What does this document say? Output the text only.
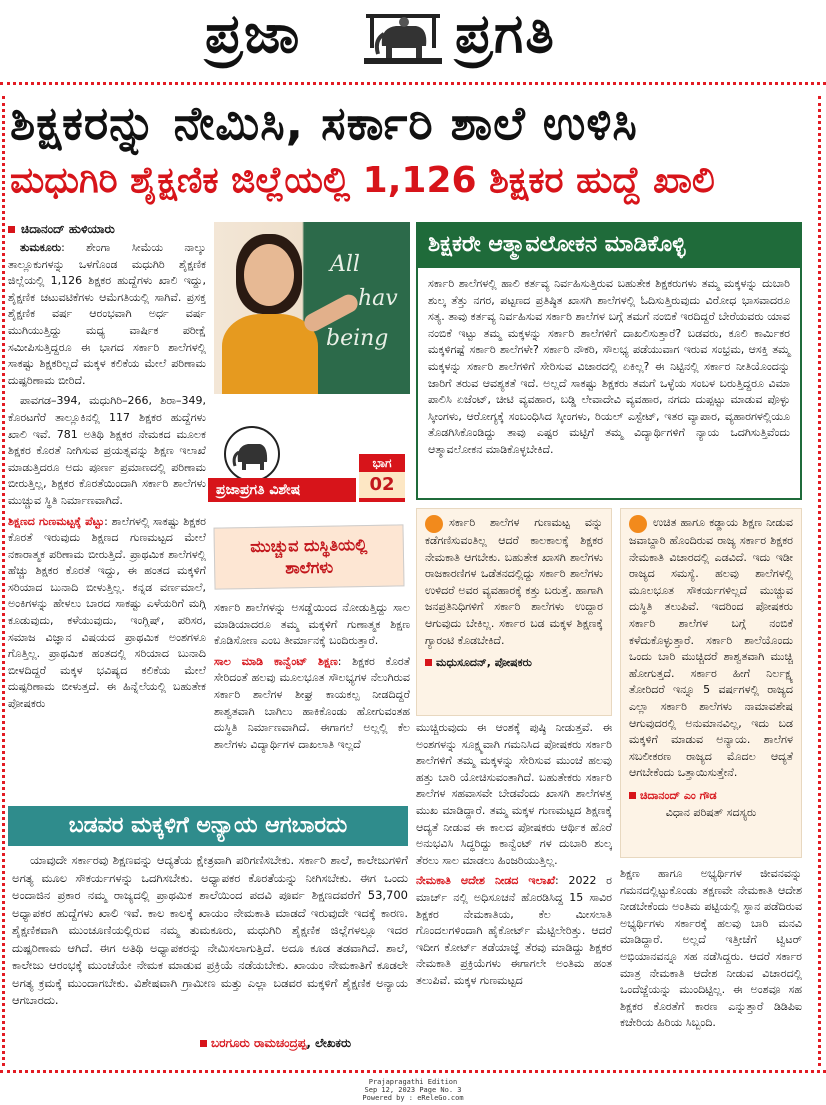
ಪ್ರಜಾ	ಪ್ರಗತಿ
ಶಿಕ್ಷಕರನ್ನು ನೇಮಿಸಿ, ಸರ್ಕಾರಿ ಶಾಲೆ ಉಳಿಸಿ
ಮಧುಗಿರಿ ಶೈಕ್ಷಣಿಕ ಜಿಲ್ಲೆಯಲ್ಲಿ 1,126 ಶಿಕ್ಷಕರ ಹುದ್ದೆ ಖಾಲಿ
ಚಿದಾನಂದ್ ಹುಳಿಯಾರು

ತುಮಕೂರು: ಶೇಂಗಾ ಸೀಮೆಯ ನಾಲ್ಕು ತಾಲ್ಲೂಕುಗಳನ್ನು ಒಳಗೊಂಡ ಮಧುಗಿರಿ ಶೈಕ್ಷಣಿಕ ಜಿಲ್ಲೆಯಲ್ಲಿ 1,126 ಶಿಕ್ಷಕರ ಹುದ್ದೆಗಳು ಖಾಲಿ ಇದ್ದು, ಶೈಕ್ಷಣಿಕ ಚಟುವಟಿಕೆಗಳು ಆಮೆಗತಿಯಲ್ಲಿ ಸಾಗಿವೆ. ಪ್ರಸಕ್ತ ಶೈಕ್ಷಣಿಕ ವರ್ಷ ಆರಂಭವಾಗಿ ಅರ್ಧ ವರ್ಷ ಮುಗಿಯುತ್ತಿದ್ದು ಮಧ್ಯ ವಾರ್ಷಿಕ ಪರೀಕ್ಷೆ ಸಮೀಪಿಸುತ್ತಿದ್ದರೂ ಈ ಭಾಗದ ಸರ್ಕಾರಿ ಶಾಲೆಗಳಲ್ಲಿ ಸಾಕಷ್ಟು ಶಿಕ್ಷಕರಿಲ್ಲದೆ ಮಕ್ಕಳ ಕಲಿಕೆಯ ಮೇಲೆ ಪರಿಣಾಮ ದುಷ್ಪರಿಣಾಮ ಬೀರಿದೆ.

ಪಾವಗಡ–394, ಮಧುಗಿರಿ–266, ಶಿರಾ–349, ಕೊರಟಗೆರೆ ತಾಲ್ಲೂಕಿನಲ್ಲಿ 117 ಶಿಕ್ಷಕರ ಹುದ್ದೆಗಳು ಖಾಲಿ ಇವೆ. 781 ಅತಿಥಿ ಶಿಕ್ಷಕರ ನೇಮಕದ ಮೂಲಕ ಶಿಕ್ಷಕರ ಕೊರತೆ ನೀಗಿಸುವ ಪ್ರಯತ್ನವನ್ನು ಶಿಕ್ಷಣ ಇಲಾಖೆ ಮಾಡುತ್ತಿದರೂ ಅದು ಪೂರ್ಣ ಪ್ರಮಾಣದಲ್ಲಿ ಪರಿಣಾಮ ಬೀರುತ್ತಿಲ್ಲ, ಶಿಕ್ಷಕರ ಕೊರತೆಯಿಂದಾಗಿ ಸರ್ಕಾರಿ ಶಾಲೆಗಳು ಮುಚ್ಚುವ ಸ್ಥಿತಿ ನಿರ್ಮಾಣವಾಗಿದೆ.

ಶಿಕ್ಷಣದ ಗುಣಮಟ್ಟಕ್ಕೆ ಪೆಟ್ಟು: ಶಾಲೆಗಳಲ್ಲಿ ಸಾಕಷ್ಟು ಶಿಕ್ಷಕರ ಕೊರತೆ ಇರುವುದು ಶಿಕ್ಷಣದ ಗುಣಮಟ್ಟದ ಮೇಲೆ ನಕಾರಾತ್ಮಕ ಪರಿಣಾಮ ಬೀರುತ್ತಿದೆ. ಪ್ರಾಥಮಿಕ ಶಾಲೆಗಳಲ್ಲಿ ಹೆಚ್ಚು ಶಿಕ್ಷಕರ ಕೊರತೆ ಇದ್ದು, ಈ ಹಂತದ ಮಕ್ಕಳಿಗೆ ಸರಿಯಾದ ಬುನಾದಿ ಬೀಳುತ್ತಿಲ್ಲ. ಕನ್ನಡ ವರ್ಣಮಾಲೆ, ಅಂಕಿಗಳನ್ನು ಹೇಳಲು ಬಾರದ ಸಾಕಷ್ಟು ಎಳೆಯರಿಗೆ ಮಗ್ಗಿ ಕೂಡುವುದು, ಕಳೆಯುವುದು, ಇಂಗ್ಲಿಷ್, ಪರಿಸರ, ಸಮಾಜ ವಿಜ್ಞಾನ ವಿಷಯದ ಪ್ರಾಥಮಿಕ ಅಂಶಗಳೂ ಗೊತ್ತಿಲ್ಲ. ಪ್ರಾಥಮಿಕ ಹಂತದಲ್ಲಿ ಸರಿಯಾದ ಬುನಾದಿ ಬೀಳದಿದ್ದರೆ ಮಕ್ಕಳ ಭವಿಷ್ಯದ ಕಲಿಕೆಯ ಮೇಲೆ ದುಷ್ಪರಿಣಾಮ ಬೀಳುತ್ತದೆ. ಈ ಹಿನ್ನೆಲೆಯಲ್ಲಿ ಬಹುತೇಕ ಪೋಷಕರು

All
hav
being
ಪ್ರಜಾಪ್ರಗತಿ ವಿಶೇಷ
ಭಾಗ
02
ಮುಚ್ಚುವ ದುಸ್ಥಿತಿಯಲ್ಲಿ
ಶಾಲೆಗಳು

ಸರ್ಕಾರಿ ಶಾಲೆಗಳನ್ನು ಅಸಡ್ಡೆಯಿಂದ ನೋಡುತ್ತಿದ್ದು ಸಾಲ ಮಾಡಿಯಾದರೂ ತಮ್ಮ ಮಕ್ಕಳಿಗೆ ಗುಣಾತ್ಮಕ ಶಿಕ್ಷಣ ಕೊಡಿಸೋಣ ಎಂಬ ತೀರ್ಮಾನಕ್ಕೆ ಬಂದಿರುತ್ತಾರೆ.

ಸಾಲ ಮಾಡಿ ಕಾನ್ವೆಂಟ್ ಶಿಕ್ಷಣ: ಶಿಕ್ಷಕರ ಕೊರತೆ ಸೇರಿದಂತೆ ಹಲವು ಮೂಲಭೂತ ಸೌಲಭ್ಯಗಳ ನೆಲುಗಿರುವ ಸರ್ಕಾರಿ ಶಾಲೆಗಳ ಶೀಘ್ರ ಕಾಯಕಲ್ಪ ನೀಡದಿದ್ದರೆ ಶಾಶ್ವತವಾಗಿ ಬಾಗಿಲು ಹಾಕಿಕೊಂಡು ಹೋಗುವಂತಹ ದುಸ್ಥಿತಿ ನಿರ್ಮಾಣವಾಗಿದೆ. ಈಗಾಗಲೆ ಅಲ್ಲಲ್ಲಿ ಕೆಲ ಶಾಲೆಗಳು ವಿದ್ಯಾರ್ಥಿಗಳ ದಾಖಲಾತಿ ಇಲ್ಲದೆ

ಶಿಕ್ಷಕರೇ ಆತ್ಮಾವಲೋಕನ ಮಾಡಿಕೊಳ್ಳಿ

ಸರ್ಕಾರಿ ಶಾಲೆಗಳಲ್ಲಿ ಹಾಲಿ ಕರ್ತವ್ಯ ನಿರ್ವಹಿಸುತ್ತಿರುವ ಬಹುತೇಕ ಶಿಕ್ಷಕರುಗಳು ತಮ್ಮ ಮಕ್ಕಳನ್ನು ದುಬಾರಿ ಶುಲ್ಕ ತೆತ್ತು ನಗರ, ಪಟ್ಟಣದ ಪ್ರತಿಷ್ಠಿತ ಖಾಸಗಿ ಶಾಲೆಗಳಲ್ಲಿ ಓದಿಸುತ್ತಿರುವುದು ವಿರೋಧ ಭಾಸವಾದರೂ ಸತ್ಯ. ತಾವು ಕರ್ತವ್ಯ ನಿರ್ವಹಿಸುವ ಸರ್ಕಾರಿ ಶಾಲೆಗಳ ಬಗ್ಗೆ ತಮಗೆ ನಂಬಿಕೆ ಇರದಿದ್ದರೆ ಬೇರೆಯವರು ಯಾವ ನಂಬಿಕೆ ಇಟ್ಟು ತಮ್ಮ ಮಕ್ಕಳನ್ನು ಸರ್ಕಾರಿ ಶಾಲೆಗಳಿಗೆ ದಾಖಲಿಸುತ್ತಾರೆ? ಬಡವರು, ಕೂಲಿ ಕಾರ್ಮಿಕರ ಮಕ್ಕಳಿಗಷ್ಟೆ ಸರ್ಕಾರಿ ಶಾಲೆಗಳೇ? ಸರ್ಕಾರಿ ನೌಕರಿ, ಸೌಲಭ್ಯ ಪಡೆಯುವಾಗ ಇರುವ ಸಂಭ್ರಮ, ಆಸಕ್ತಿ ತಮ್ಮ ಮಕ್ಕಳನ್ನು ಸರ್ಕಾರಿ ಶಾಲೆಗಳಿಗೆ ಸೇರಿಸುವ ವಿಚಾರದಲ್ಲಿ ಏಕಿಲ್ಲ? ಈ ನಿಟ್ಟಿನಲ್ಲಿ ಸರ್ಕಾರ ನೀತಿಯೊಂದನ್ನು ಜಾರಿಗೆ ತರುವ ಆವಶ್ಯಕತೆ ಇದೆ. ಅಲ್ಲದೆ ಸಾಕಷ್ಟು ಶಿಕ್ಷಕರು ತಮಗೆ ಒಳ್ಳೆಯ ಸಂಬಳ ಬರುತ್ತಿದ್ದರೂ ವಿಮಾ ಪಾಲಿಸಿ ಏಜೆಂಟ್, ಚೀಟಿ ವ್ಯವಹಾರ, ಬಡ್ಡಿ ಲೇವಾದೇವಿ ವ್ಯವಹಾರ, ನಗದು ದುಪ್ಪಟ್ಟು ಮಾಡುವ ಪೊಳ್ಳು ಸ್ಕೀಂಗಳು, ಆರೋಗ್ಯಕ್ಕೆ ಸಂಬಂಧಿಸಿದ ಸ್ಕೀಂಗಳು, ರಿಯಲ್ ಎಸ್ಟೇಟ್, ಇತರ ವ್ಯಾಪಾರ, ವ್ಯಹಾರಗಳಲ್ಲಿಯೂ ತೊಡಗಿಸಿಕೊಂಡಿದ್ದು ತಾವು ಎಷ್ಟರ ಮಟ್ಟಿಗೆ ತಮ್ಮ ವಿದ್ಯಾರ್ಥಿಗಳಿಗೆ ನ್ಯಾಯ ಒದಗಿಸುತ್ತಿವೆಂದು ಆತ್ಮಾವಲೋಕನ ಮಾಡಿಕೊಳ್ಳಬೇಕಿದೆ.

ಸರ್ಕಾರಿ ಶಾಲೆಗಳ ಗುಣಮಟ್ಟ ವನ್ನು ಕಡೆಗಣಿಸುವಂತಿಲ್ಲ ಆದರೆ ಕಾಲಕಾಲಕ್ಕೆ ಶಿಕ್ಷಕರ ನೇಮಕಾತಿ ಆಗಬೇಕು. ಬಹುತೇಕ ಖಾಸಗಿ ಶಾಲೆಗಳು ರಾಜಕಾರಣಿಗಳ ಒಡೆತನದಲ್ಲಿದ್ದು ಸರ್ಕಾರಿ ಶಾಲೆಗಳು ಉಳಿದರೆ ಅವರ ವ್ಯವಹಾರಕ್ಕೆ ಕತ್ತು ಬರುತ್ತೆ. ಹಾಗಾಗಿ ಜನಪ್ರತಿನಿಧಿಗಳಿಗೆ ಸರ್ಕಾರಿ ಶಾಲೆಗಳು ಉದ್ದಾರ ಆಗುವುದು ಬೇಕಿಲ್ಲ. ಸರ್ಕಾರ ಬಡ ಮಕ್ಕಳ ಶಿಕ್ಷಣಕ್ಕೆ ಗ್ಯಾರಂಟಿ ಕೊಡಬೇಕಿದೆ.
ಮಧುಸೂದನ್, ಪೋಷಕರು
ಉಚಿತ ಹಾಗೂ ಕಡ್ಡಾಯ ಶಿಕ್ಷಣ ನೀಡುವ ಜವಾಬ್ದಾರಿ ಹೊಂದಿರುವ ರಾಜ್ಯ ಸರ್ಕಾರ ಶಿಕ್ಷಕರ ನೇಮಕಾತಿ ವಿಚಾರದಲ್ಲಿ ಎಡವಿದೆ. ಇದು ಇಡೀ ರಾಜ್ಯದ ಸಮಸ್ಯೆ. ಹಲವು ಶಾಲೆಗಳಲ್ಲಿ ಮೂಲಭೂತ ಸೌಕರ್ಯಗಳಿಲ್ಲದೆ ಮುಚ್ಚುವ ದುಸ್ಥಿತಿ ತಲುಪಿವೆ. ಇದರಿಂದ ಪೋಷಕರು ಸರ್ಕಾರಿ ಶಾಲೆಗಳ ಬಗ್ಗೆ ನಂಬಿಕೆ ಕಳೆದುಕೊಳ್ಳುತ್ತಾರೆ. ಸರ್ಕಾರಿ ಶಾಲೆಯೊಂದು ಒಂದು ಬಾರಿ ಮುಚ್ಚಿದರೆ ಶಾಶ್ವತವಾಗಿ ಮುಚ್ಚಿ ಹೋಗುತ್ತದೆ. ಸರ್ಕಾರ ಹೀಗೆ ನಿರ್ಲಕ್ಷ್ಯ ತೋರಿದರೆ ಇನ್ನೂ 5 ವರ್ಷಗಳಲ್ಲಿ ರಾಜ್ಯದ ಎಲ್ಲಾ ಸರ್ಕಾರಿ ಶಾಲೆಗಳು ನಾಮಾವಶೇಷ ಆಗುವುದರಲ್ಲಿ ಅನುಮಾನವಿಲ್ಲ, ಇದು ಬಡ ಮಕ್ಕಳಿಗೆ ಮಾಡುವ ಅನ್ಯಾಯ. ಶಾಲೆಗಳ ಸಬಲೀಕರಣ ರಾಜ್ಯದ ಮೊದಲ ಆದ್ಯತೆ ಆಗಬೇಕೆಂದು ಒತ್ತಾಯಿಸುತ್ತೇನೆ.
ಚಿದಾನಂದ್ ಎಂ ಗೌಡ
ವಿಧಾನ ಪರಿಷತ್ ಸದಸ್ಯರು

ಮುಚ್ಚಿರುವುದು ಈ ಆಂಶಕ್ಕೆ ಪುಷ್ಠಿ ನೀಡುತ್ತವೆ. ಈ ಅಂಶಗಳನ್ನು ಸೂಕ್ಷ್ಮವಾಗಿ ಗಮನಿಸಿದ ಪೋಷಕರು ಸರ್ಕಾರಿ ಶಾಲೆಗಳಿಗೆ ತಮ್ಮ ಮಕ್ಕಳನ್ನು ಸೇರಿಸುವ ಮುಂಚೆ ಹಲವು ಹತ್ತು ಬಾರಿ ಯೋಚಿಸುವಂತಾಗಿದೆ. ಬಹುತೇಕರು ಸರ್ಕಾರಿ ಶಾಲೆಗಳ ಸಹವಾಸವೇ ಬೇಡವೆಂದು ಖಾಸಗಿ ಶಾಲೆಗಳತ್ತ ಮುಖ ಮಾಡಿದ್ದಾರೆ. ತಮ್ಮ ಮಕ್ಕಳ ಗುಣಮಟ್ಟದ ಶಿಕ್ಷಣಕ್ಕೆ ಆದ್ಯತೆ ನೀಡುವ ಈ ಕಾಲದ ಪೋಷಕರು ಆರ್ಥಿಕ ಹೊರೆ ಅನುಭವಿಸಿ ಸಿದ್ಧರಿದ್ದು ಕಾನ್ವೆಂಟ್ ಗಳ ದುಬಾರಿ ಶುಲ್ಕ ತೆರಲು ಸಾಲ ಮಾಡಲು ಹಿಂಜರಿಯುತ್ತಿಲ್ಲ.

ನೇಮಕಾತಿ ಆದೇಶ ನೀಡದ ಇಲಾಖೆ: 2022 ರ ಮಾರ್ಚ್ ನಲ್ಲಿ ಅಧಿಸೂಚನೆ ಹೊರಡಿಸಿದ್ದ 15 ಸಾವಿರ ಶಿಕ್ಷಕರ ನೇಮಕಾತಿಯ, ಕೆಲ ಮೀಸಲಾತಿ ಗೊಂದಲಗಳಿಂದಾಗಿ ಹೈಕೋರ್ಟ್ ಮೆಟ್ಟಿಲೇರಿತ್ತು. ಆದರೆ ಇದೀಗ ಕೋರ್ಟ್ ತಡೆಯಾಜ್ಞೆ ತೆರವು ಮಾಡಿದ್ದು ಶಿಕ್ಷಕರ ನೇಮಕಾತಿ ಪ್ರಕ್ರಿಯೆಗಳು ಈಗಾಗಲೇ ಅಂತಿಮ ಹಂತ ತಲುಪಿವೆ. ಮಕ್ಕಳ ಗುಣಮಟ್ಟದ

ಶಿಕ್ಷಣ ಹಾಗೂ ಅಭ್ಯರ್ಥಿಗಳ ಜೀವನವನ್ನು ಗಮನದಲ್ಲಿಟ್ಟುಕೊಂಡು ತಕ್ಷಣವೇ ನೇಮಕಾತಿ ಆದೇಶ ನೀಡಬೇಕೆಂದು ಅಂತಿಮ ಪಟ್ಟಿಯಲ್ಲಿ ಸ್ಥಾನ ಪಡೆದಿರುವ ಅಭ್ಯರ್ಥಿಗಳು ಸರ್ಕಾರಕ್ಕೆ ಹಲವು ಬಾರಿ ಮನವಿ ಮಾಡಿದ್ದಾರೆ. ಅಲ್ಲದೆ ಇತ್ತೀಚೆಗೆ ಟ್ವಿಟರ್ ಅಭಿಯಾನವನ್ನೂ ಸಹ ನಡೆಸಿದ್ದರು. ಆದರೆ ಸರ್ಕಾರ ಮಾತ್ರ ನೇಮಕಾತಿ ಆದೇಶ ನೀಡುವ ವಿಚಾರದಲ್ಲಿ ಒಂದೆಜ್ಜೆಯನ್ನು ಮುಂದಿಟ್ಟಿಲ್ಲ. ಈ ಅಂಶವೂ ಸಹ ಶಿಕ್ಷಕರ ಕೊರತೆಗೆ ಕಾರಣ ಎನ್ನುತ್ತಾರೆ ಡಿಡಿಪಿಐ ಕಚೇರಿಯ ಹಿರಿಯ ಸಿಬ್ಬಂದಿ.

ಬಡವರ ಮಕ್ಕಳಿಗೆ ಅನ್ಯಾಯ ಆಗಬಾರದು

ಯಾವುದೇ ಸರ್ಕಾರವು ಶಿಕ್ಷಣವನ್ನು ಆದ್ಯತೆಯ ಕ್ಷೇತ್ರವಾಗಿ ಪರಿಗಣಿಸಬೇಕು. ಸರ್ಕಾರಿ ಶಾಲೆ, ಕಾಲೇಜುಗಳಿಗೆ ಅಗತ್ಯ ಮೂಲ ಸೌಕರ್ಯಗಳನ್ನು ಒದಗಿಸಬೇಕು. ಅಧ್ಯಾಪಕರ ಕೊರತೆಯನ್ನು ನೀಗಿಸಬೇಕು. ಈಗ ಒಂದು ಅಂದಾಜಿನ ಪ್ರಕಾರ ನಮ್ಮ ರಾಜ್ಯದಲ್ಲಿ ಪ್ರಾಥಮಿಕ ಶಾಲೆಯಿಂದ ಪದವಿ ಪೂರ್ವ ಶಿಕ್ಷಣದವರೆಗೆ 53,700 ಅಧ್ಯಾಪಕರ ಹುದ್ದೆಗಳು ಖಾಲಿ ಇವೆ. ಕಾಲ ಕಾಲಕ್ಕೆ ಖಾಯಂ ನೇಮಕಾತಿ ಮಾಡದೆ ಇರುವುದೇ ಇದಕ್ಕೆ ಕಾರಣ. ಶೈಕ್ಷಣಿಕವಾಗಿ ಮುಂಚೂಣಿಯಲ್ಲಿರುವ ನಮ್ಮ ತುಮಕೂರು, ಮಧುಗಿರಿ ಶೈಕ್ಷಣಿಕ ಜಿಲ್ಲೆಗಳಲ್ಲೂ ಇದರ ದುಷ್ಪರಿಣಾಮ ಆಗಿದೆ. ಈಗ ಅತಿಥಿ ಅಧ್ಯಾಪಕರನ್ನು ನೇಮಿಸಲಾಗುತ್ತಿದೆ. ಅದೂ ಕೂಡ ತಡವಾಗಿದೆ. ಶಾಲೆ, ಕಾಲೇಜು ಆರಂಭಕ್ಕೆ ಮುಂಚೆಯೇ ನೇಮಕ ಮಾಡುವ ಪ್ರಕ್ರಿಯೆ ನಡೆಯಬೇಕು. ಖಾಯಂ ನೇಮಕಾತಿಗೆ ಕೂಡಲೇ ಅಗತ್ಯ ಕ್ರಮಕ್ಕೆ ಮುಂದಾಗಬೇಕು. ವಿಶೇಷವಾಗಿ ಗ್ರಾಮೀಣ ಮತ್ತು ಎಲ್ಲಾ ಬಡವರ ಮಕ್ಕಳಿಗೆ ಶೈಕ್ಷಣಿಕ ಅನ್ಯಾಯ ಆಗಬಾರದು.

ಬರಗೂರು ರಾಮಚಂದ್ರಪ್ಪ, ಲೇಖಕರು
Prajapragathi Edition
Sep 12, 2023 Page No. 3
Powered by : eReleGo.com
